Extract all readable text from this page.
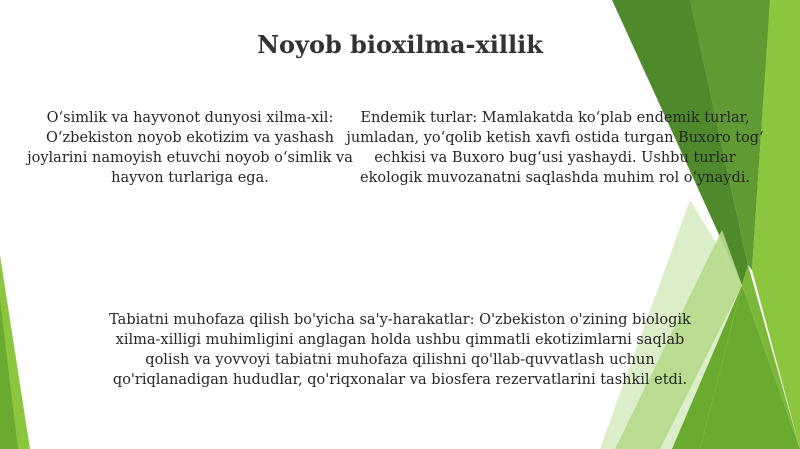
Noyob bioxilma-xillik
O‘simlik va hayvonot dunyosi xilma-xil: O‘zbekiston noyob ekotizim va yashash joylarini namoyish etuvchi noyob o‘simlik va hayvon turlariga ega.
Endemik turlar: Mamlakatda ko‘plab endemik turlar, jumladan, yo‘qolib ketish xavfi ostida turgan Buxoro tog‘ echkisi va Buxoro bug‘usi yashaydi. Ushbu turlar ekologik muvozanatni saqlashda muhim rol o‘ynaydi.
Tabiatni muhofaza qilish bo'yicha sa'y-harakatlar: O'zbekiston o'zining biologik xilma-xilligi muhimligini anglagan holda ushbu qimmatli ekotizimlarni saqlab qolish va yovvoyi tabiatni muhofaza qilishni qo'llab-quvvatlash uchun qo'riqlanadigan hududlar, qo'riqxonalar va biosfera rezervatlarini tashkil etdi.
